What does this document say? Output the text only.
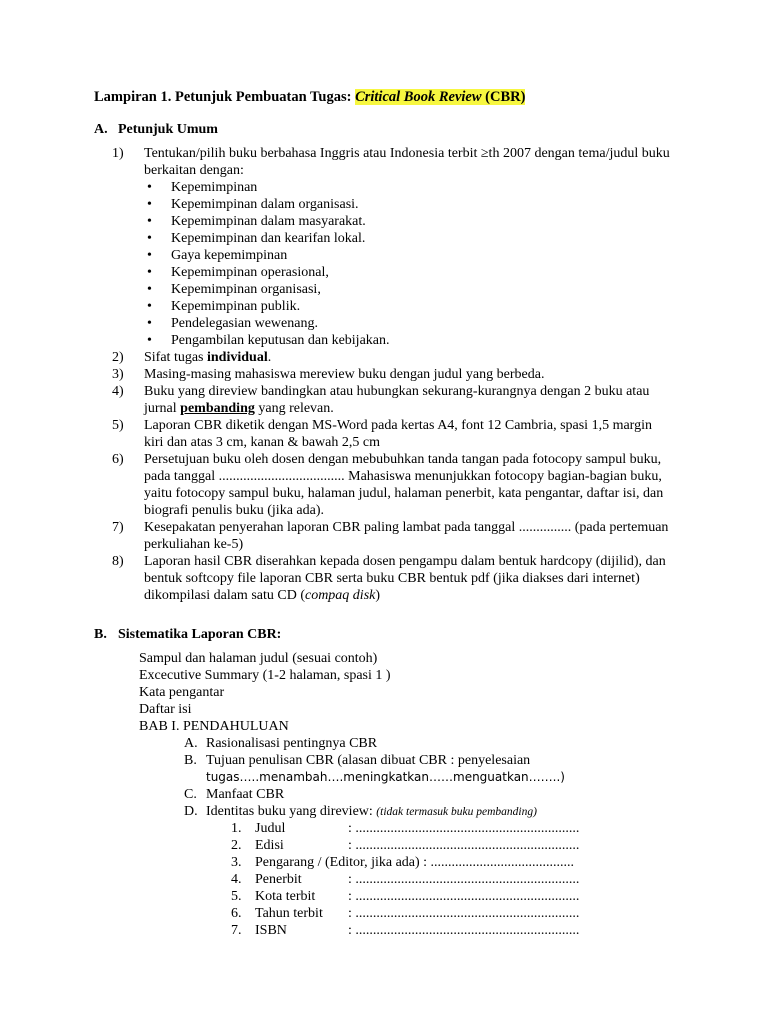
Lampiran 1. Petunjuk Pembuatan Tugas: Critical Book Review (CBR)
A. Petunjuk Umum
1) Tentukan/pilih buku berbahasa Inggris atau Indonesia terbit ≥th 2007 dengan tema/judul buku berkaitan dengan:
• Kepemimpinan
• Kepemimpinan dalam organisasi.
• Kepemimpinan dalam masyarakat.
• Kepemimpinan dan kearifan lokal.
• Gaya kepemimpinan
• Kepemimpinan operasional,
• Kepemimpinan organisasi,
• Kepemimpinan publik.
• Pendelegasian wewenang.
• Pengambilan keputusan dan kebijakan.
2) Sifat tugas individual.
3) Masing-masing mahasiswa mereview buku dengan judul yang berbeda.
4) Buku yang direview bandingkan atau hubungkan sekurang-kurangnya dengan 2 buku atau jurnal pembanding yang relevan.
5) Laporan CBR diketik dengan MS-Word pada kertas A4, font 12 Cambria, spasi 1,5 margin kiri dan atas 3 cm, kanan & bawah 2,5 cm
6) Persetujuan buku oleh dosen dengan mebubuhkan tanda tangan pada fotocopy sampul buku, pada tanggal .................................... Mahasiswa menunjukkan fotocopy bagian-bagian buku, yaitu fotocopy sampul buku, halaman judul, halaman penerbit, kata pengantar, daftar isi, dan biografi penulis buku (jika ada).
7) Kesepakatan penyerahan laporan CBR paling lambat pada tanggal ............... (pada pertemuan perkuliahan ke-5)
8) Laporan hasil CBR diserahkan kepada dosen pengampu dalam bentuk hardcopy (dijilid), dan bentuk softcopy file laporan CBR serta buku CBR bentuk pdf (jika diakses dari internet) dikompilasi dalam satu CD (compaq disk)
B. Sistematika Laporan CBR:
Sampul dan halaman judul (sesuai contoh)
Excecutive Summary (1-2 halaman, spasi 1 )
Kata pengantar
Daftar isi
BAB I. PENDAHULUAN
A. Rasionalisasi pentingnya CBR
B. Tujuan penulisan CBR (alasan dibuat CBR : penyelesaian
tugas…..menambah….meningkatkan……menguatkan……..)
C. Manfaat CBR
D. Identitas buku yang direview: (tidak termasuk buku pembanding)
1. Judul	: ................................................................
2. Edisi	: ................................................................
3. Pengarang / (Editor, jika ada) : .........................................
4. Penerbit	: ................................................................
5. Kota terbit : ................................................................
6. Tahun terbit : ................................................................
7. ISBN	: ................................................................
